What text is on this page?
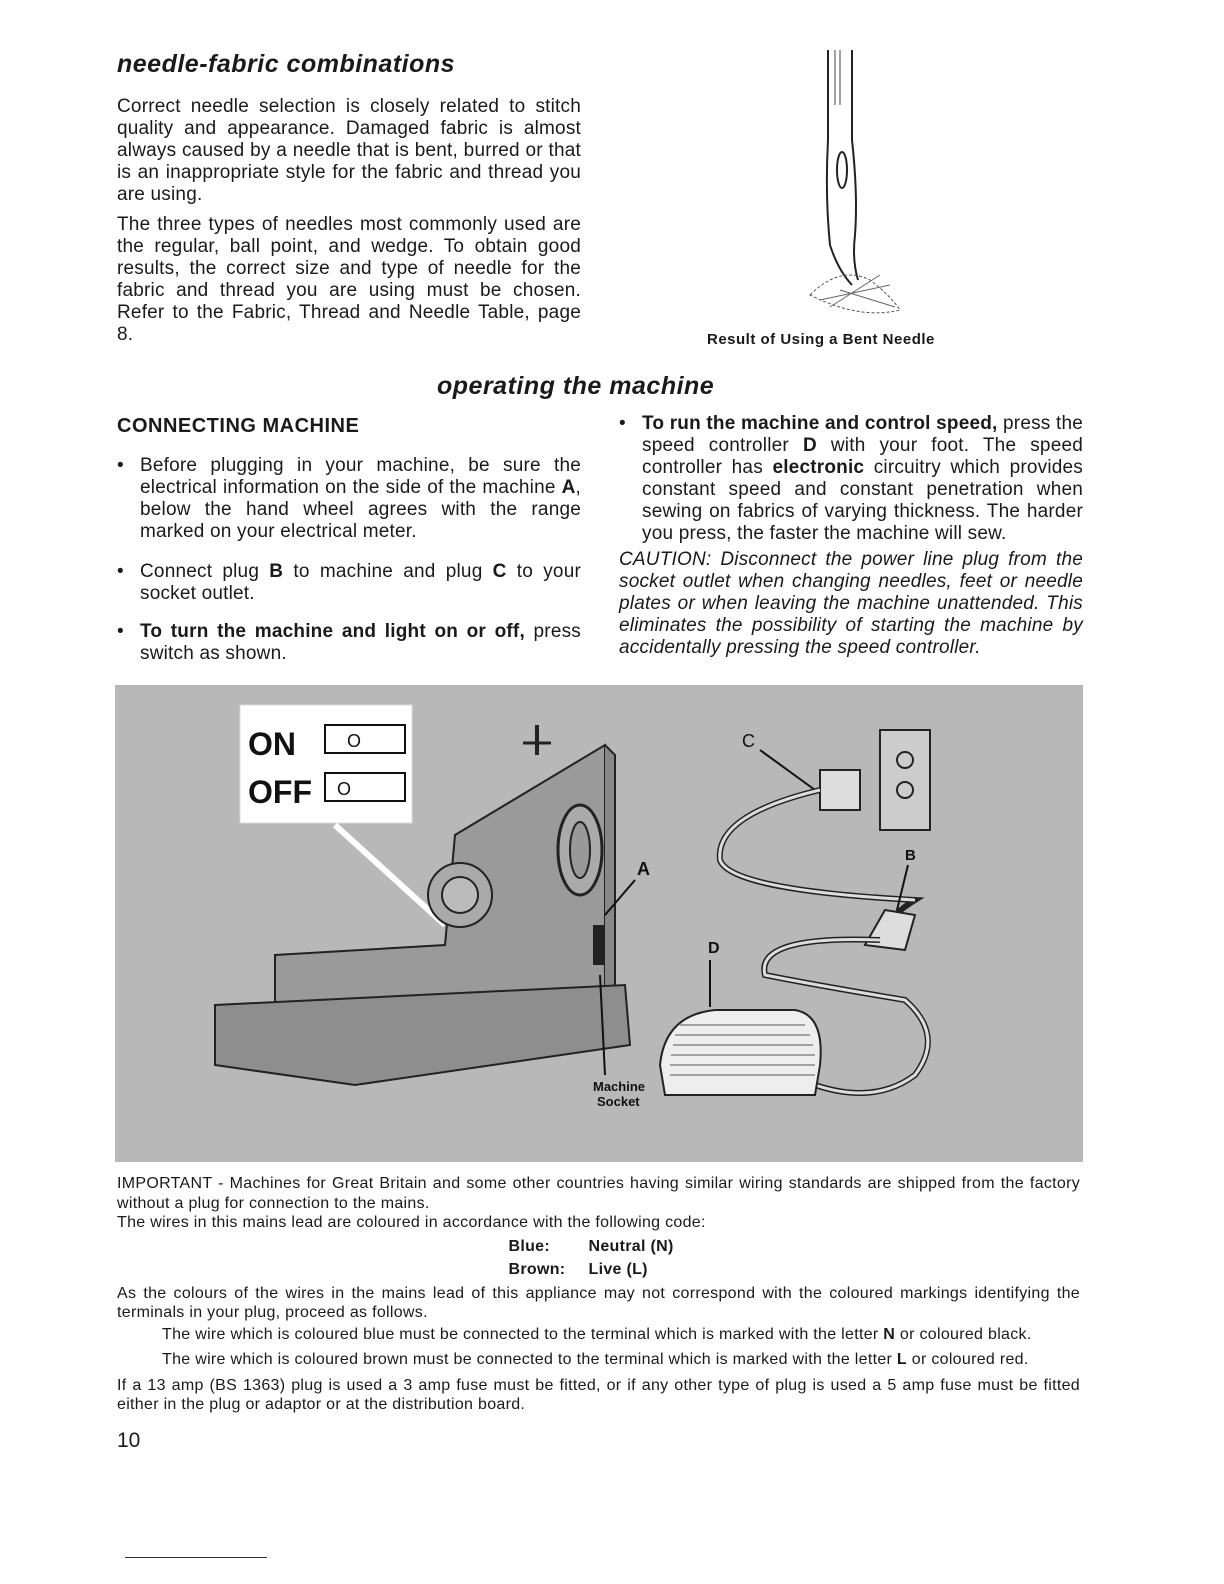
needle-fabric combinations

Correct needle selection is closely related to stitch quality and appearance. Damaged fabric is almost always caused by a needle that is bent, burred or that is an inappropriate style for the fabric and thread you are using.

The three types of needles most commonly used are the regular, ball point, and wedge. To obtain good results, the correct size and type of needle for the fabric and thread you are using must be chosen. Refer to the Fabric, Thread and Needle Table, page 8.	Result of Using a Bent Needle
operating the machine
CONNECTING MACHINE
• Before plugging in your machine, be sure the electrical information on the side of the machine A, below the hand wheel agrees with the range marked on your electrical meter.
• Connect plug B to machine and plug C to your socket outlet.
• To turn the machine and light on or off, press switch as shown.
• To run the machine and control speed, press the speed controller D with your foot. The speed controller has electronic circuitry which provides constant speed and constant penetration when sewing on fabrics of varying thickness. The harder you press, the faster the machine will sew.

CAUTION: Disconnect the power line plug from the socket outlet when changing needles, feet or needle plates or when leaving the machine unattended. This eliminates the possibility of starting the machine by accidentally pressing the speed controller.

ON	O
OFF O
A
Machine
Socket
C
B
D

IMPORTANT - Machines for Great Britain and some other countries having similar wiring standards are shipped from the factory without a plug for connection to the mains.

The wires in this mains lead are coloured in accordance with the following code:

Blue:	Neutral (N)

Brown: Live (L)

As the colours of the wires in the mains lead of this appliance may not correspond with the coloured markings identifying the terminals in your plug, proceed as follows.

The wire which is coloured blue must be connected to the terminal which is marked with the letter N or coloured black.

The wire which is coloured brown must be connected to the terminal which is marked with the letter L or coloured red.

If a 13 amp (BS 1363) plug is used a 3 amp fuse must be fitted, or if any other type of plug is used a 5 amp fuse must be fitted either in the plug or adaptor or at the distribution board.

10
